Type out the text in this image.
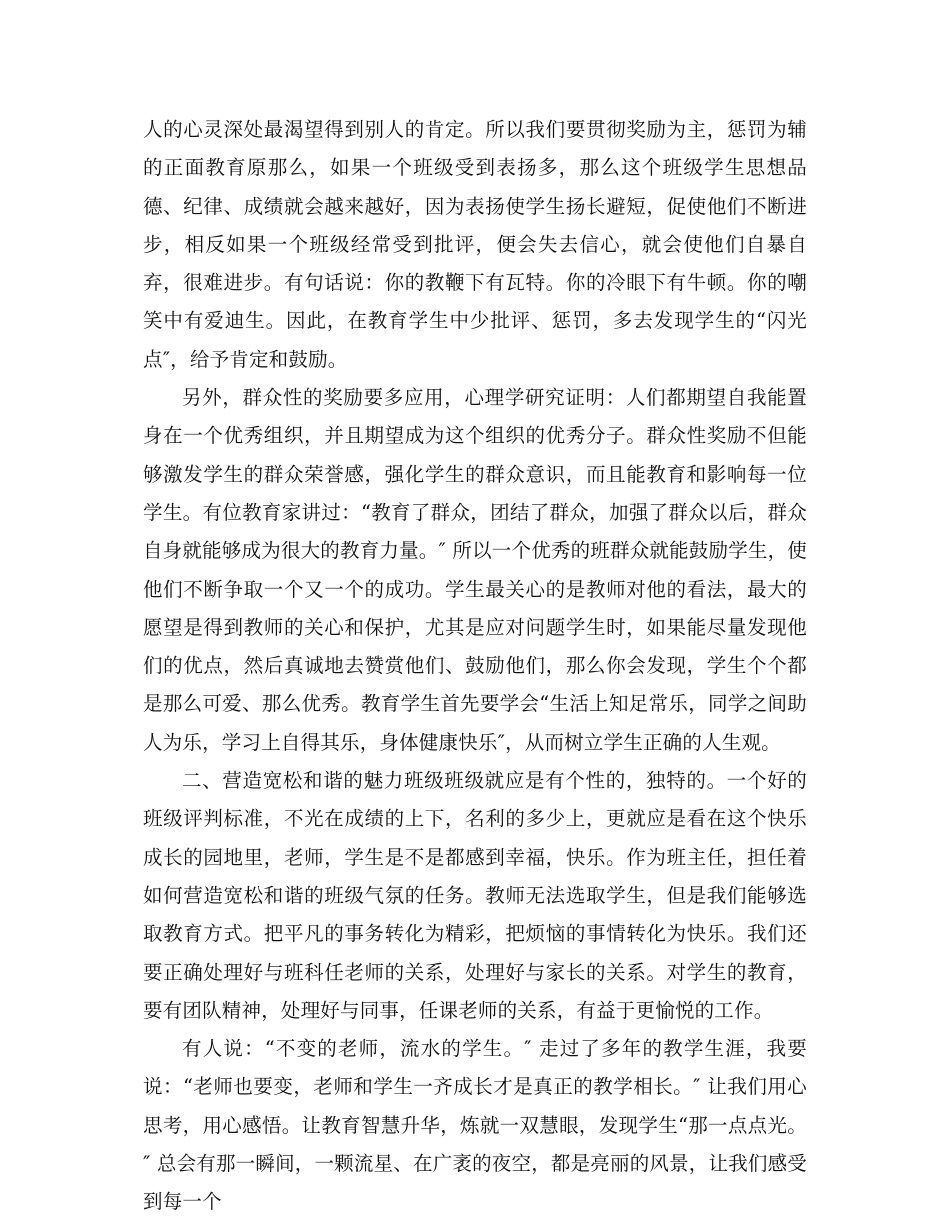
人的心灵深处最渴望得到别人的肯定。所以我们要贯彻奖励为主，惩罚为辅的正面教育原那么，如果一个班级受到表扬多，那么这个班级学生思想品德、纪律、成绩就会越来越好，因为表扬使学生扬长避短，促使他们不断进步，相反如果一个班级经常受到批评，便会失去信心，就会使他们自暴自弃，很难进步。有句话说：你的教鞭下有瓦特。你的冷眼下有牛顿。你的嘲笑中有爱迪生。因此，在教育学生中少批评、惩罚，多去发现学生的“闪光点″，给予肯定和鼓励。

另外，群众性的奖励要多应用，心理学研究证明：人们都期望自我能置身在一个优秀组织，并且期望成为这个组织的优秀分子。群众性奖励不但能够激发学生的群众荣誉感，强化学生的群众意识，而且能教育和影响每一位学生。有位教育家讲过：“教育了群众，团结了群众，加强了群众以后，群众自身就能够成为很大的教育力量。″ 所以一个优秀的班群众就能鼓励学生，使他们不断争取一个又一个的成功。学生最关心的是教师对他的看法，最大的愿望是得到教师的关心和保护，尤其是应对问题学生时，如果能尽量发现他们的优点，然后真诚地去赞赏他们、鼓励他们，那么你会发现，学生个个都是那么可爱、那么优秀。教育学生首先要学会“生活上知足常乐，同学之间助人为乐，学习上自得其乐，身体健康快乐″，从而树立学生正确的人生观。

二、营造宽松和谐的魅力班级班级就应是有个性的，独特的。一个好的班级评判标准，不光在成绩的上下，名利的多少上，更就应是看在这个快乐成长的园地里，老师，学生是不是都感到幸福，快乐。作为班主任，担任着如何营造宽松和谐的班级气氛的任务。教师无法选取学生，但是我们能够选取教育方式。把平凡的事务转化为精彩，把烦恼的事情转化为快乐。我们还要正确处理好与班科任老师的关系，处理好与家长的关系。对学生的教育，要有团队精神，处理好与同事，任课老师的关系，有益于更愉悦的工作。

有人说：“不变的老师，流水的学生。″ 走过了多年的教学生涯，我要说：“老师也要变，老师和学生一齐成长才是真正的教学相长。″ 让我们用心思考，用心感悟。让教育智慧升华，炼就一双慧眼，发现学生“那一点点光。″ 总会有那一瞬间，一颗流星、在广袤的夜空，都是亮丽的风景，让我们感受到每一个
